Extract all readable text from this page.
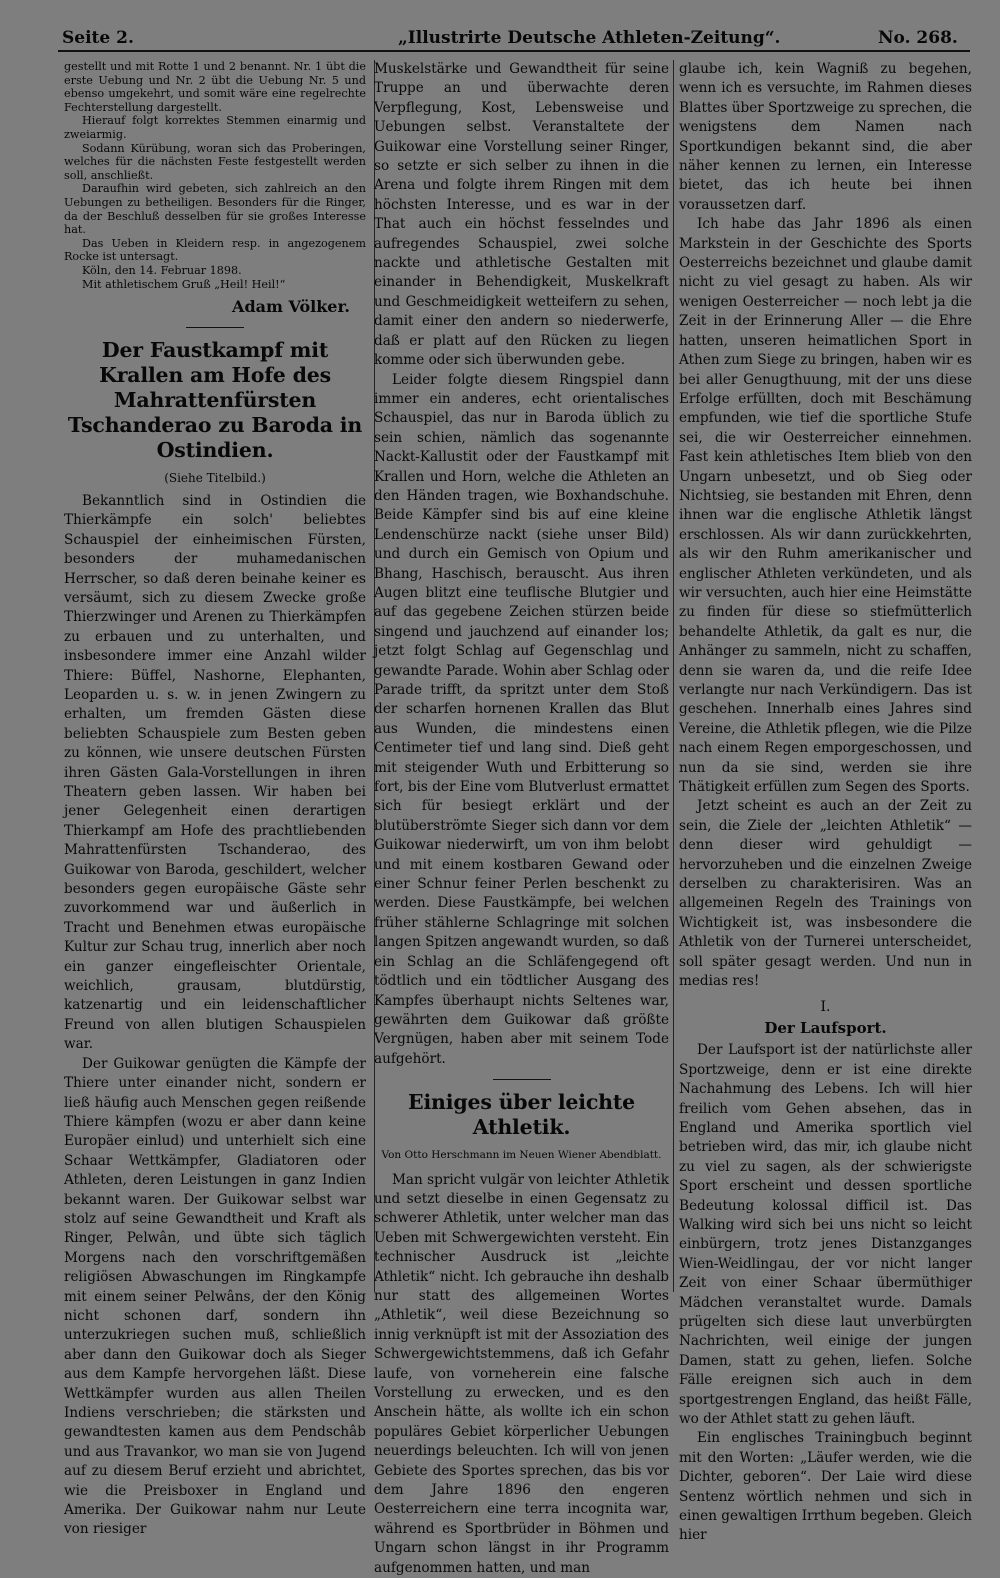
Seite 2.	„Illustrirte Deutsche Athleten-Zeitung“.	No. 268.

gestellt und mit Rotte 1 und 2 benannt. Nr. 1 übt die erste Uebung und Nr. 2 übt die Uebung Nr. 5 und ebenso umgekehrt, und somit wäre eine regelrechte Fechterstellung dargestellt.

Hierauf folgt korrektes Stemmen einarmig und zweiarmig.

Sodann Kürübung, woran sich das Proberingen, welches für die nächsten Feste festgestellt werden soll, anschließt.

Daraufhin wird gebeten, sich zahlreich an den Uebungen zu betheiligen. Besonders für die Ringer, da der Beschluß desselben für sie großes Interesse hat.

Das Ueben in Kleidern resp. in angezogenem Rocke ist untersagt.

Köln, den 14. Februar 1898.

Mit athletischem Gruß „Heil! Heil!“

Adam Völker.
Der Faustkampf mit Krallen am Hofe des Mahrattenfürsten Tschanderao zu Baroda in Ostindien.
(Siehe Titelbild.)

Bekanntlich sind in Ostindien die Thierkämpfe ein solch' beliebtes Schauspiel der einheimischen Fürsten, besonders der muhamedanischen Herrscher, so daß deren beinahe keiner es versäumt, sich zu diesem Zwecke große Thierzwinger und Arenen zu Thierkämpfen zu erbauen und zu unterhalten, und insbesondere immer eine Anzahl wilder Thiere: Büffel, Nashorne, Elephanten, Leoparden u. s. w. in jenen Zwingern zu erhalten, um fremden Gästen diese beliebten Schauspiele zum Besten geben zu können, wie unsere deutschen Fürsten ihren Gästen Gala-Vorstellungen in ihren Theatern geben lassen. Wir haben bei jener Gelegenheit einen derartigen Thierkampf am Hofe des prachtliebenden Mahrattenfürsten Tschanderao, des Guikowar von Baroda, geschildert, welcher besonders gegen europäische Gäste sehr zuvorkommend war und äußerlich in Tracht und Benehmen etwas europäische Kultur zur Schau trug, innerlich aber noch ein ganzer eingefleischter Orientale, weichlich, grausam, blutdürstig, katzenartig und ein leidenschaftlicher Freund von allen blutigen Schauspielen war.

Der Guikowar genügten die Kämpfe der Thiere unter einander nicht, sondern er ließ häufig auch Menschen gegen reißende Thiere kämpfen (wozu er aber dann keine Europäer einlud) und unterhielt sich eine Schaar Wettkämpfer, Gladiatoren oder Athleten, deren Leistungen in ganz Indien bekannt waren. Der Guikowar selbst war stolz auf seine Gewandtheit und Kraft als Ringer, Pelwân, und übte sich täglich Morgens nach den vorschriftgemäßen religiösen Abwaschungen im Ringkampfe mit einem seiner Pelwâns, der den König nicht schonen darf, sondern ihn unterzukriegen suchen muß, schließlich aber dann den Guikowar doch als Sieger aus dem Kampfe hervorgehen läßt. Diese Wettkämpfer wurden aus allen Theilen Indiens verschrieben; die stärksten und gewandtesten kamen aus dem Pendschâb und aus Travankor, wo man sie von Jugend auf zu diesem Beruf erzieht und abrichtet, wie die Preisboxer in England und Amerika. Der Guikowar nahm nur Leute von riesiger

Muskelstärke und Gewandtheit für seine Truppe an und überwachte deren Verpflegung, Kost, Lebensweise und Uebungen selbst. Veranstaltete der Guikowar eine Vorstellung seiner Ringer, so setzte er sich selber zu ihnen in die Arena und folgte ihrem Ringen mit dem höchsten Interesse, und es war in der That auch ein höchst fesselndes und aufregendes Schauspiel, zwei solche nackte und athletische Gestalten mit einander in Behendigkeit, Muskelkraft und Geschmeidigkeit wetteifern zu sehen, damit einer den andern so niederwerfe, daß er platt auf den Rücken zu liegen komme oder sich überwunden gebe.

Leider folgte diesem Ringspiel dann immer ein anderes, echt orientalisches Schauspiel, das nur in Baroda üblich zu sein schien, nämlich das sogenannte Nackt-Kallustit oder der Faustkampf mit Krallen und Horn, welche die Athleten an den Händen tragen, wie Boxhandschuhe. Beide Kämpfer sind bis auf eine kleine Lendenschürze nackt (siehe unser Bild) und durch ein Gemisch von Opium und Bhang, Haschisch, berauscht. Aus ihren Augen blitzt eine teuflische Blutgier und auf das gegebene Zeichen stürzen beide singend und jauchzend auf einander los; jetzt folgt Schlag auf Gegenschlag und gewandte Parade. Wohin aber Schlag oder Parade trifft, da spritzt unter dem Stoß der scharfen hornenen Krallen das Blut aus Wunden, die mindestens einen Centimeter tief und lang sind. Dieß geht mit steigender Wuth und Erbitterung so fort, bis der Eine vom Blutverlust ermattet sich für besiegt erklärt und der blutüberströmte Sieger sich dann vor dem Guikowar niederwirft, um von ihm belobt und mit einem kostbaren Gewand oder einer Schnur feiner Perlen beschenkt zu werden. Diese Faustkämpfe, bei welchen früher stählerne Schlagringe mit solchen langen Spitzen angewandt wurden, so daß ein Schlag an die Schläfengegend oft tödtlich und ein tödtlicher Ausgang des Kampfes überhaupt nichts Seltenes war, gewährten dem Guikowar daß größte Vergnügen, haben aber mit seinem Tode aufgehört.

Einiges über leichte Athletik.
Von Otto Herschmann im Neuen Wiener Abendblatt.

Man spricht vulgär von leichter Athletik und setzt dieselbe in einen Gegensatz zu schwerer Athletik, unter welcher man das Ueben mit Schwergewichten versteht. Ein technischer Ausdruck ist „leichte Athletik“ nicht. Ich gebrauche ihn deshalb nur statt des allgemeinen Wortes „Athletik“, weil diese Bezeichnung so innig verknüpft ist mit der Assoziation des Schwergewichtstemmens, daß ich Gefahr laufe, von vorneherein eine falsche Vorstellung zu erwecken, und es den Anschein hätte, als wollte ich ein schon populäres Gebiet körperlicher Uebungen neuerdings beleuchten. Ich will von jenen Gebiete des Sportes sprechen, das bis vor dem Jahre 1896 den engeren Oesterreichern eine terra incognita war, während es Sportbrüder in Böhmen und Ungarn schon längst in ihr Programm aufgenommen hatten, und man

glaube ich, kein Wagniß zu begehen, wenn ich es versuchte, im Rahmen dieses Blattes über Sportzweige zu sprechen, die wenigstens dem Namen nach Sportkundigen bekannt sind, die aber näher kennen zu lernen, ein Interesse bietet, das ich heute bei ihnen voraussetzen darf.

Ich habe das Jahr 1896 als einen Markstein in der Geschichte des Sports Oesterreichs bezeichnet und glaube damit nicht zu viel gesagt zu haben. Als wir wenigen Oesterreicher — noch lebt ja die Zeit in der Erinnerung Aller — die Ehre hatten, unseren heimatlichen Sport in Athen zum Siege zu bringen, haben wir es bei aller Genugthuung, mit der uns diese Erfolge erfüllten, doch mit Beschämung empfunden, wie tief die sportliche Stufe sei, die wir Oesterreicher einnehmen. Fast kein athletisches Item blieb von den Ungarn unbesetzt, und ob Sieg oder Nichtsieg, sie bestanden mit Ehren, denn ihnen war die englische Athletik längst erschlossen. Als wir dann zurückkehrten, als wir den Ruhm amerikanischer und englischer Athleten verkündeten, und als wir versuchten, auch hier eine Heimstätte zu finden für diese so stiefmütterlich behandelte Athletik, da galt es nur, die Anhänger zu sammeln, nicht zu schaffen, denn sie waren da, und die reife Idee verlangte nur nach Verkündigern. Das ist geschehen. Innerhalb eines Jahres sind Vereine, die Athletik pflegen, wie die Pilze nach einem Regen emporgeschossen, und nun da sie sind, werden sie ihre Thätigkeit erfüllen zum Segen des Sports.

Jetzt scheint es auch an der Zeit zu sein, die Ziele der „leichten Athletik“ — denn dieser wird gehuldigt — hervorzuheben und die einzelnen Zweige derselben zu charakterisiren. Was an allgemeinen Regeln des Trainings von Wichtigkeit ist, was insbesondere die Athletik von der Turnerei unterscheidet, soll später gesagt werden. Und nun in medias res!

I.
Der Laufsport.

Der Laufsport ist der natürlichste aller Sportzweige, denn er ist eine direkte Nachahmung des Lebens. Ich will hier freilich vom Gehen absehen, das in England und Amerika sportlich viel betrieben wird, das mir, ich glaube nicht zu viel zu sagen, als der schwierigste Sport erscheint und dessen sportliche Bedeutung kolossal difficil ist. Das Walking wird sich bei uns nicht so leicht einbürgern, trotz jenes Distanzganges Wien-Weidlingau, der vor nicht langer Zeit von einer Schaar übermüthiger Mädchen veranstaltet wurde. Damals prügelten sich diese laut unverbürgten Nachrichten, weil einige der jungen Damen, statt zu gehen, liefen. Solche Fälle ereignen sich auch in dem sportgestrengen England, das heißt Fälle, wo der Athlet statt zu gehen läuft.

Ein englisches Trainingbuch beginnt mit den Worten: „Läufer werden, wie die Dichter, geboren“. Der Laie wird diese Sentenz wörtlich nehmen und sich in einen gewaltigen Irrthum begeben. Gleich hier
